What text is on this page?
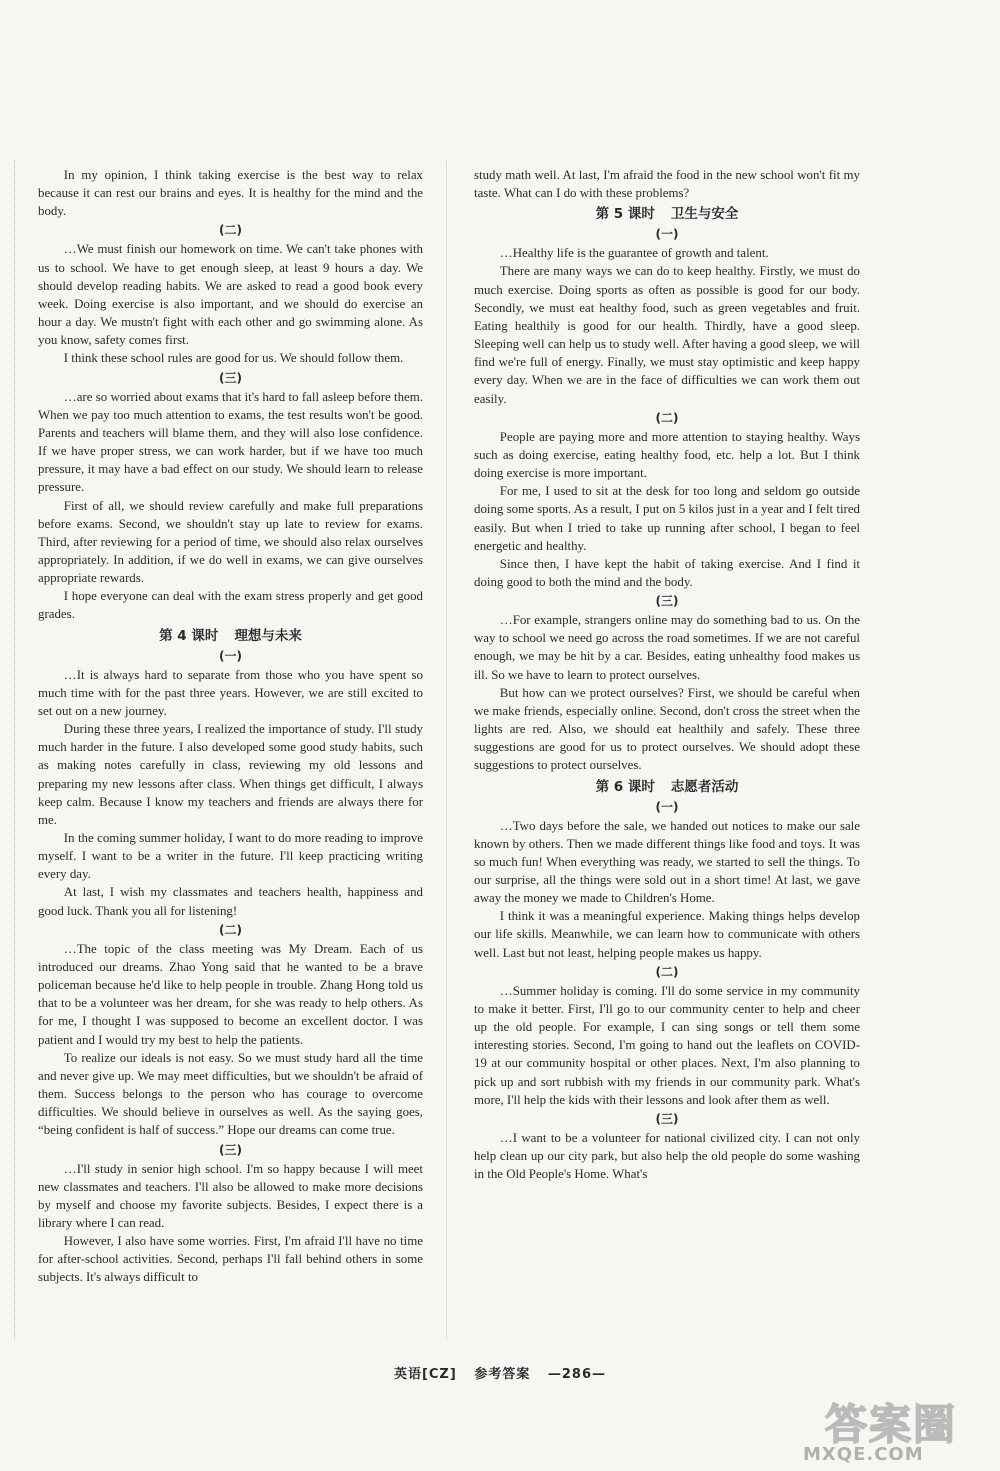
In my opinion, I think taking exercise is the best way to relax because it can rest our brains and eyes. It is healthy for the mind and the body.

(二)

…We must finish our homework on time. We can't take phones with us to school. We have to get enough sleep, at least 9 hours a day. We should develop reading habits. We are asked to read a good book every week. Doing exercise is also important, and we should do exercise an hour a day. We mustn't fight with each other and go swimming alone. As you know, safety comes first.

I think these school rules are good for us. We should follow them.

(三)

…are so worried about exams that it's hard to fall asleep before them. When we pay too much attention to exams, the test results won't be good. Parents and teachers will blame them, and they will also lose confidence. If we have proper stress, we can work harder, but if we have too much pressure, it may have a bad effect on our study. We should learn to release pressure.

First of all, we should review carefully and make full preparations before exams. Second, we shouldn't stay up late to review for exams. Third, after reviewing for a period of time, we should also relax ourselves appropriately. In addition, if we do well in exams, we can give ourselves appropriate rewards.

I hope everyone can deal with the exam stress properly and get good grades.

第 4 课时 理想与未来
(一)

…It is always hard to separate from those who you have spent so much time with for the past three years. However, we are still excited to set out on a new journey.

During these three years, I realized the importance of study. I'll study much harder in the future. I also developed some good study habits, such as making notes carefully in class, reviewing my old lessons and preparing my new lessons after class. When things get difficult, I always keep calm. Because I know my teachers and friends are always there for me.

In the coming summer holiday, I want to do more reading to improve myself. I want to be a writer in the future. I'll keep practicing writing every day.

At last, I wish my classmates and teachers health, happiness and good luck. Thank you all for listening!

(二)

…The topic of the class meeting was My Dream. Each of us introduced our dreams. Zhao Yong said that he wanted to be a brave policeman because he'd like to help people in trouble. Zhang Hong told us that to be a volunteer was her dream, for she was ready to help others. As for me, I thought I was supposed to become an excellent doctor. I was patient and I would try my best to help the patients.

To realize our ideals is not easy. So we must study hard all the time and never give up. We may meet difficulties, but we shouldn't be afraid of them. Success belongs to the person who has courage to overcome difficulties. We should believe in ourselves as well. As the saying goes, “being confident is half of success.” Hope our dreams can come true.

(三)

…I'll study in senior high school. I'm so happy because I will meet new classmates and teachers. I'll also be allowed to make more decisions by myself and choose my favorite subjects. Besides, I expect there is a library where I can read.

However, I also have some worries. First, I'm afraid I'll have no time for after-school activities. Second, perhaps I'll fall behind others in some subjects. It's always difficult to

study math well. At last, I'm afraid the food in the new school won't fit my taste. What can I do with these problems?

第 5 课时 卫生与安全
(一)

…Healthy life is the guarantee of growth and talent.

There are many ways we can do to keep healthy. Firstly, we must do much exercise. Doing sports as often as possible is good for our body. Secondly, we must eat healthy food, such as green vegetables and fruit. Eating healthily is good for our health. Thirdly, have a good sleep. Sleeping well can help us to study well. After having a good sleep, we will find we're full of energy. Finally, we must stay optimistic and keep happy every day. When we are in the face of difficulties we can work them out easily.

(二)

People are paying more and more attention to staying healthy. Ways such as doing exercise, eating healthy food, etc. help a lot. But I think doing exercise is more important.

For me, I used to sit at the desk for too long and seldom go outside doing some sports. As a result, I put on 5 kilos just in a year and I felt tired easily. But when I tried to take up running after school, I began to feel energetic and healthy.

Since then, I have kept the habit of taking exercise. And I find it doing good to both the mind and the body.

(三)

…For example, strangers online may do something bad to us. On the way to school we need go across the road sometimes. If we are not careful enough, we may be hit by a car. Besides, eating unhealthy food makes us ill. So we have to learn to protect ourselves.

But how can we protect ourselves? First, we should be careful when we make friends, especially online. Second, don't cross the street when the lights are red. Also, we should eat healthily and safely. These three suggestions are good for us to protect ourselves. We should adopt these suggestions to protect ourselves.

第 6 课时 志愿者活动
(一)

…Two days before the sale, we handed out notices to make our sale known by others. Then we made different things like food and toys. It was so much fun! When everything was ready, we started to sell the things. To our surprise, all the things were sold out in a short time! At last, we gave away the money we made to Children's Home.

I think it was a meaningful experience. Making things helps develop our life skills. Meanwhile, we can learn how to communicate with others well. Last but not least, helping people makes us happy.

(二)

…Summer holiday is coming. I'll do some service in my community to make it better. First, I'll go to our community center to help and cheer up the old people. For example, I can sing songs or tell them some interesting stories. Second, I'm going to hand out the leaflets on COVID-19 at our community hospital or other places. Next, I'm also planning to pick up and sort rubbish with my friends in our community park. What's more, I'll help the kids with their lessons and look after them as well.

(三)

…I want to be a volunteer for national civilized city. I can not only help clean up our city park, but also help the old people do some washing in the Old People's Home. What's

英语[CZ] 参考答案 —286—
答案圈
MXQE.COM
